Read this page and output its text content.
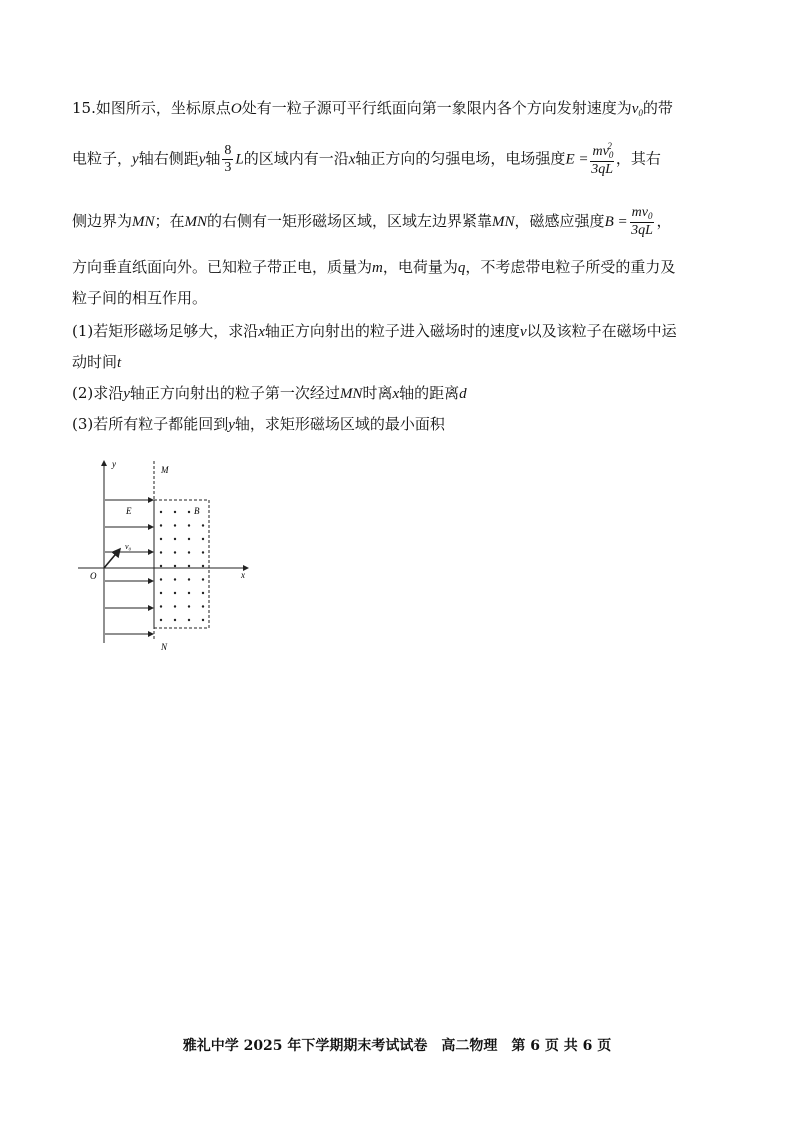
15.如图所示，坐标原点O处有一粒子源可平行纸面向第一象限内各个方向发射速度为$v_0$的带
电粒子，y轴右侧距y轴 $\frac{8}{3}$ L的区域内有一沿x轴正方向的匀强电场，电场强度$E = \frac{mv_0^2}{3qL}$ ，其右
侧边界为MN；在MN的右侧有一矩形磁场区域，区域左边界紧靠MN，磁感应强度$B = \frac{mv_0}{3qL}$ ，
方向垂直纸面向外。已知粒子带正电，质量为m，电荷量为q，不考虑带电粒子所受的重力及
粒子间的相互作用。
(1)若矩形磁场足够大，求沿x轴正方向射出的粒子进入磁场时的速度v以及该粒子在磁场中运
动时间t
(2)求沿y轴正方向射出的粒子第一次经过MN时离x轴的距离d
(3)若所有粒子都能回到y轴，求矩形磁场区域的最小面积
y
x
O
M
N
E
v₀
B
雅礼中学 2025 年下学期期末考试试卷　高二物理　第 6 页 共 6 页
